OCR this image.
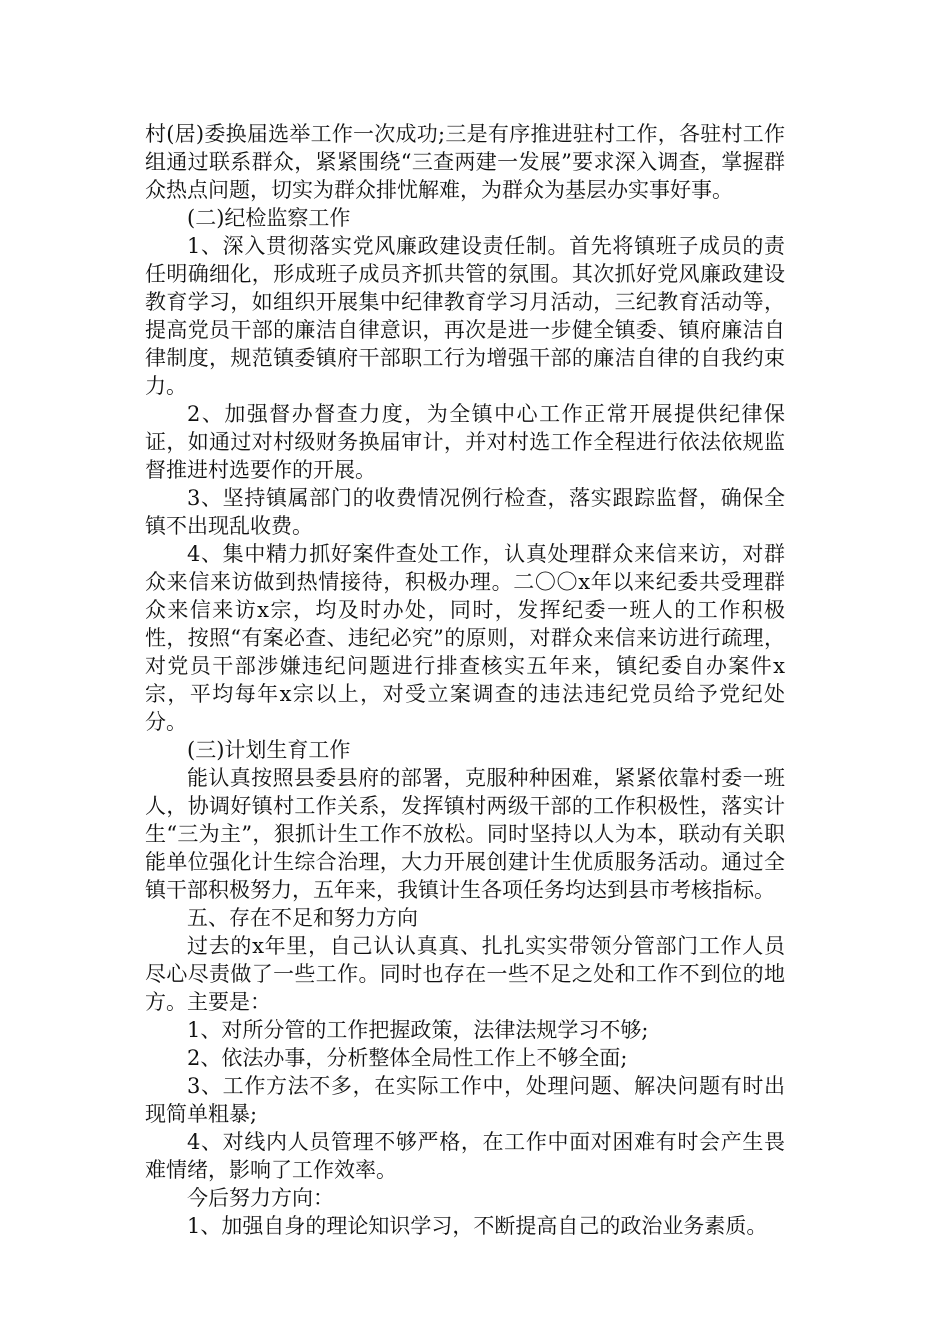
村(居)委换届选举工作一次成功;三是有序推进驻村工作，各驻村工作组通过联系群众，紧紧围绕“三查两建一发展”要求深入调查，掌握群众热点问题，切实为群众排忧解难，为群众为基层办实事好事。

(二)纪检监察工作

1、深入贯彻落实党风廉政建设责任制。首先将镇班子成员的责任明确细化，形成班子成员齐抓共管的氛围。其次抓好党风廉政建设教育学习，如组织开展集中纪律教育学习月活动，三纪教育活动等，提高党员干部的廉洁自律意识，再次是进一步健全镇委、镇府廉洁自律制度，规范镇委镇府干部职工行为增强干部的廉洁自律的自我约束力。

2、加强督办督查力度，为全镇中心工作正常开展提供纪律保证，如通过对村级财务换届审计，并对村选工作全程进行依法依规监督推进村选要作的开展。

3、坚持镇属部门的收费情况例行检查，落实跟踪监督，确保全镇不出现乱收费。

4、集中精力抓好案件查处工作，认真处理群众来信来访，对群众来信来访做到热情接待，积极办理。二〇〇x年以来纪委共受理群众来信来访x宗，均及时办处，同时，发挥纪委一班人的工作积极性，按照“有案必查、违纪必究”的原则，对群众来信来访进行疏理，对党员干部涉嫌违纪问题进行排查核实五年来，镇纪委自办案件x宗，平均每年x宗以上，对受立案调查的违法违纪党员给予党纪处分。

(三)计划生育工作

能认真按照县委县府的部署，克服种种困难，紧紧依靠村委一班人，协调好镇村工作关系，发挥镇村两级干部的工作积极性，落实计生“三为主”，狠抓计生工作不放松。同时坚持以人为本，联动有关职能单位强化计生综合治理，大力开展创建计生优质服务活动。通过全镇干部积极努力，五年来，我镇计生各项任务均达到县市考核指标。

五、存在不足和努力方向

过去的x年里，自己认认真真、扎扎实实带领分管部门工作人员尽心尽责做了一些工作。同时也存在一些不足之处和工作不到位的地方。主要是：

1、对所分管的工作把握政策，法律法规学习不够;

2、依法办事，分析整体全局性工作上不够全面;

3、工作方法不多，在实际工作中，处理问题、解决问题有时出现简单粗暴;

4、对线内人员管理不够严格，在工作中面对困难有时会产生畏难情绪，影响了工作效率。

今后努力方向：

1、加强自身的理论知识学习，不断提高自己的政治业务素质。
